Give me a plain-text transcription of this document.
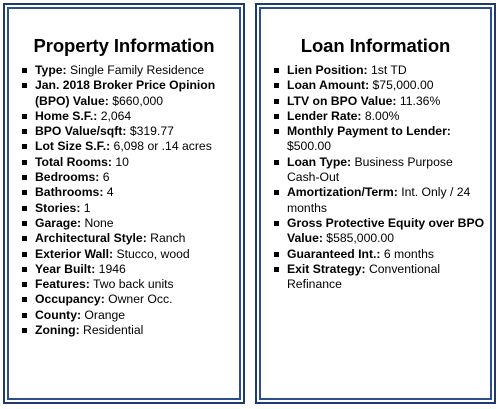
Property Information
Type: Single Family Residence
Jan. 2018 Broker Price Opinion (BPO) Value: $660,000
Home S.F.: 2,064
BPO Value/sqft: $319.77
Lot Size S.F.: 6,098 or .14 acres
Total Rooms: 10
Bedrooms: 6
Bathrooms: 4
Stories: 1
Garage: None
Architectural Style: Ranch
Exterior Wall: Stucco, wood
Year Built: 1946
Features: Two back units
Occupancy: Owner Occ.
County: Orange
Zoning: Residential
Loan Information
Lien Position: 1st TD
Loan Amount: $75,000.00
LTV on BPO Value: 11.36%
Lender Rate: 8.00%
Monthly Payment to Lender: $500.00
Loan Type: Business Purpose Cash-Out
Amortization/Term: Int. Only / 24 months
Gross Protective Equity over BPO Value: $585,000.00
Guaranteed Int.: 6 months
Exit Strategy: Conventional Refinance
